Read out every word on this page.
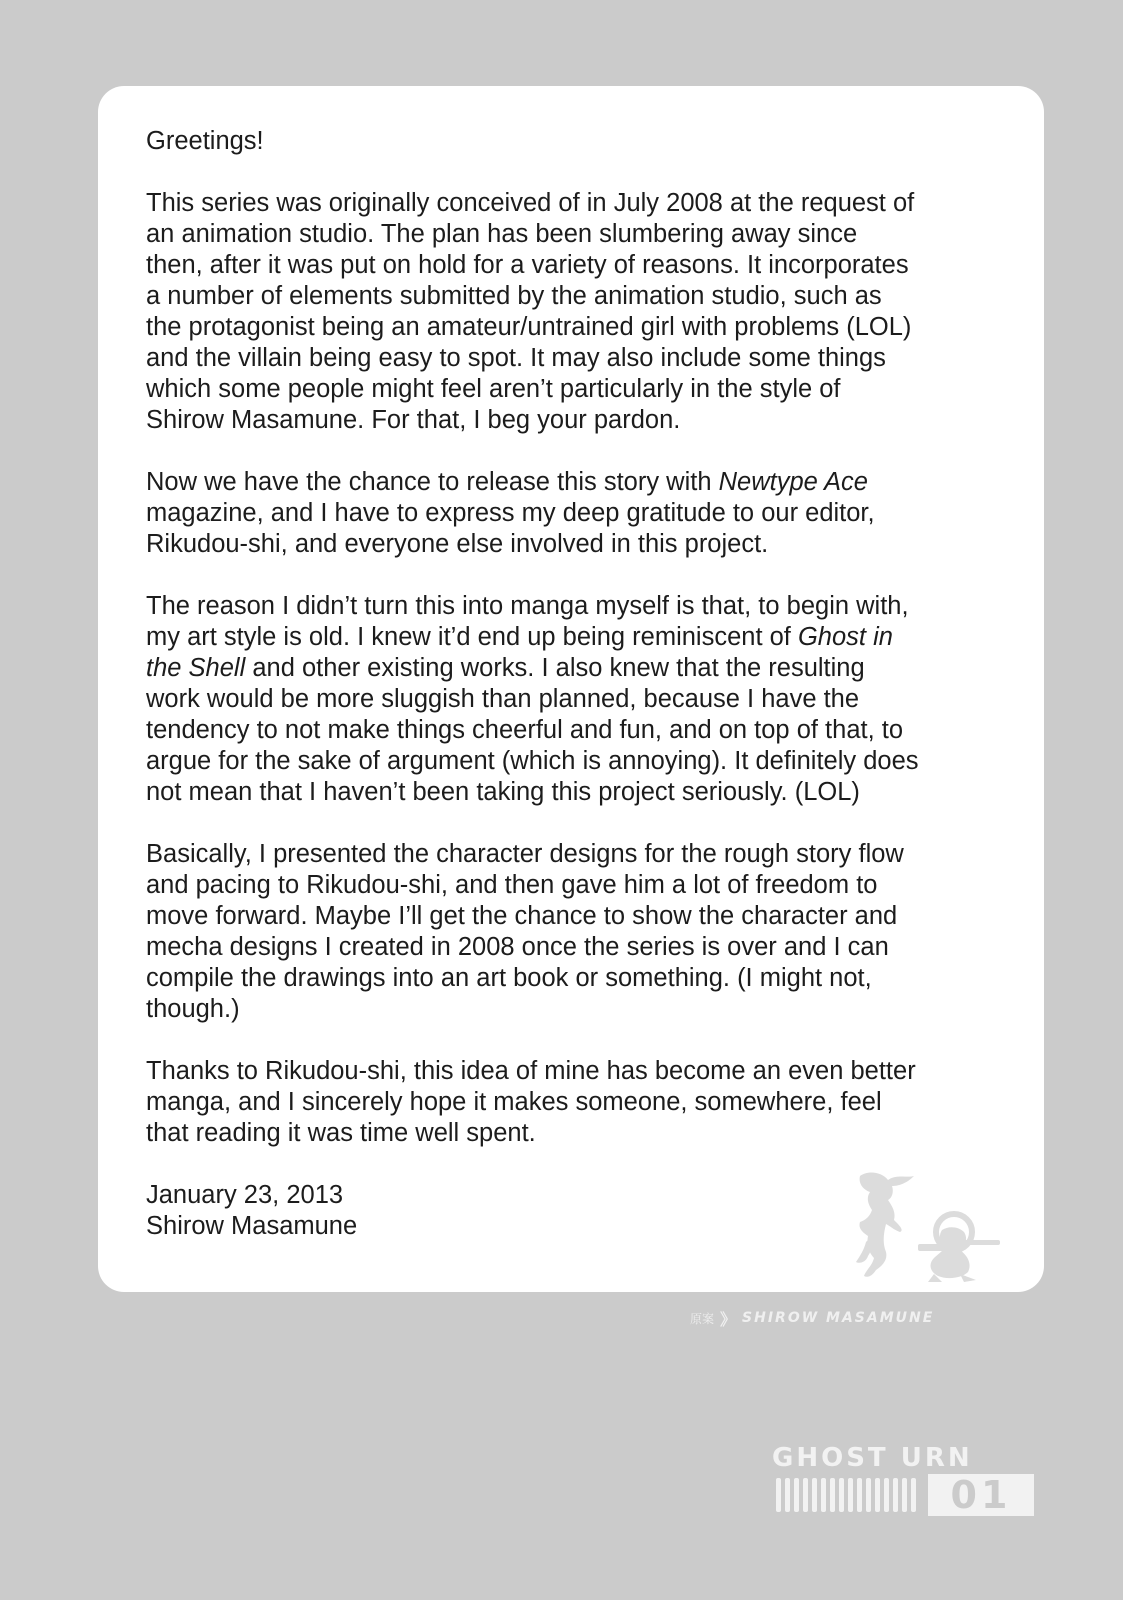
Greetings!

This series was originally conceived of in July 2008 at the request of
an animation studio. The plan has been slumbering away since
then, after it was put on hold for a variety of reasons. It incorporates
a number of elements submitted by the animation studio, such as
the protagonist being an amateur/untrained girl with problems (LOL)
and the villain being easy to spot. It may also include some things
which some people might feel aren’t particularly in the style of
Shirow Masamune. For that, I beg your pardon.

Now we have the chance to release this story with Newtype Ace
magazine, and I have to express my deep gratitude to our editor,
Rikudou-shi, and everyone else involved in this project.

The reason I didn’t turn this into manga myself is that, to begin with,
my art style is old. I knew it’d end up being reminiscent of Ghost in
the Shell and other existing works. I also knew that the resulting
work would be more sluggish than planned, because I have the
tendency to not make things cheerful and fun, and on top of that, to
argue for the sake of argument (which is annoying). It definitely does
not mean that I haven’t been taking this project seriously. (LOL)

Basically, I presented the character designs for the rough story flow
and pacing to Rikudou-shi, and then gave him a lot of freedom to
move forward. Maybe I’ll get the chance to show the character and
mecha designs I created in 2008 once the series is over and I can
compile the drawings into an art book or something. (I might not,
though.)

Thanks to Rikudou-shi, this idea of mine has become an even better
manga, and I sincerely hope it makes someone, somewhere, feel
that reading it was time well spent.

January 23, 2013
Shirow Masamune

原案 》 SHIROW MASAMUNE
GHOST URN
01
